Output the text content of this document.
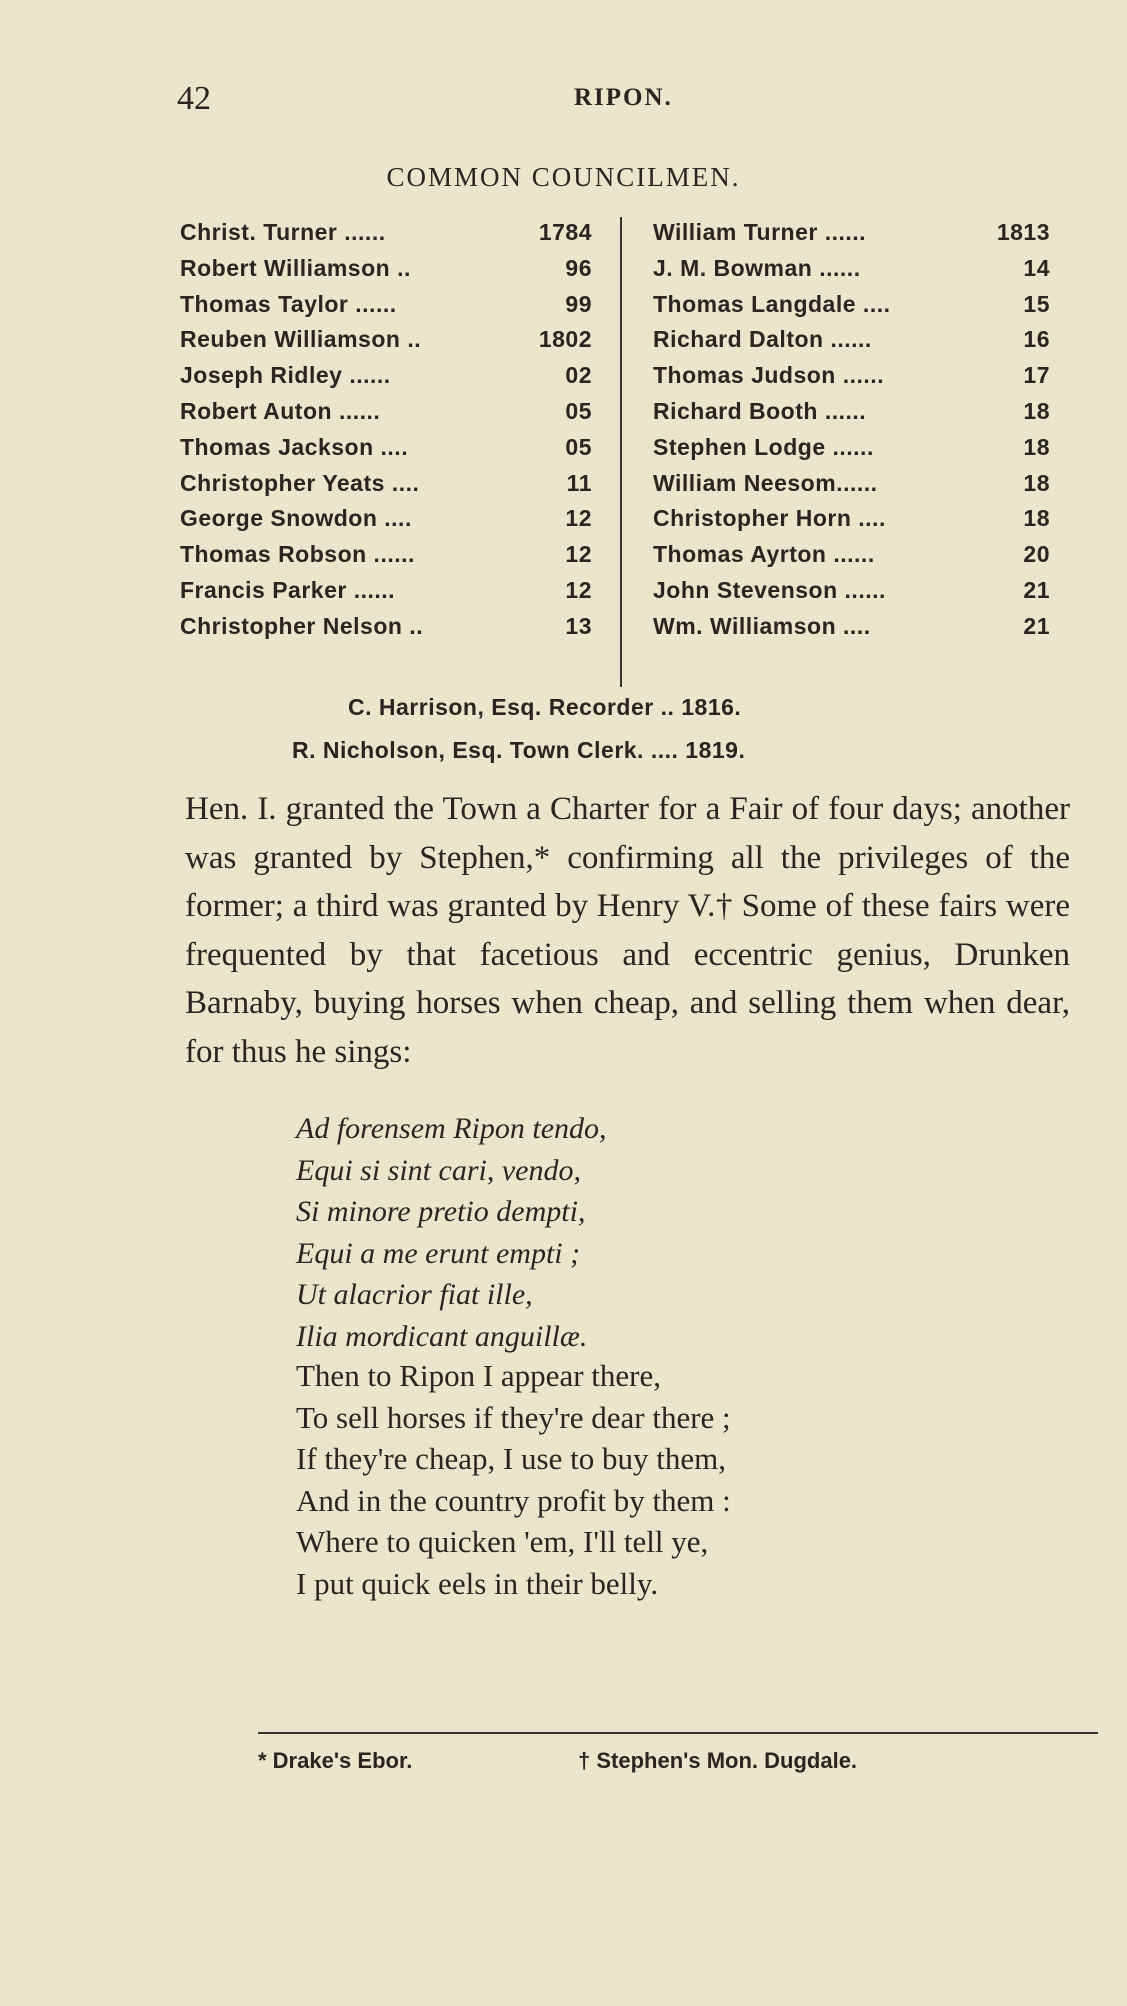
42	RIPON.
COMMON COUNCILMEN.
Christ. Turner ......	1784
Robert Williamson ..	96
Thomas Taylor ......	99
Reuben Williamson ..	1802
Joseph Ridley ......	02
Robert Auton ......	05
Thomas Jackson ....	05
Christopher Yeats ....	11
George Snowdon ....	12
Thomas Robson ......	12
Francis Parker ......	12
Christopher Nelson ..	13
William Turner ......	1813
J. M. Bowman ......	14
Thomas Langdale ....	15
Richard Dalton ......	16
Thomas Judson ......	17
Richard Booth ......	18
Stephen Lodge ......	18
William Neesom......	18
Christopher Horn ....	18
Thomas Ayrton ......	20
John Stevenson ......	21
Wm. Williamson ....	21
C. Harrison, Esq. Recorder .. 1816.
R. Nicholson, Esq. Town Clerk. .... 1819.
Hen. I. granted the Town a Charter for a Fair of four days; another was granted by Stephen,* confirming all the privileges of the former; a third was granted by Henry V.† Some of these fairs were frequented by that facetious and eccentric genius, Drunken Barnaby, buying horses when cheap, and selling them when dear, for thus he sings:
Ad forensem Ripon tendo,
Equi si sint cari, vendo,
Si minore pretio dempti,
Equi a me erunt empti ;
Ut alacrior fiat ille,
Ilia mordicant anguillæ.
Then to Ripon I appear there,
To sell horses if they're dear there ;
If they're cheap, I use to buy them,
And in the country profit by them :
Where to quicken 'em, I'll tell ye,
I put quick eels in their belly.
* Drake's Ebor.	† Stephen's Mon. Dugdale.
